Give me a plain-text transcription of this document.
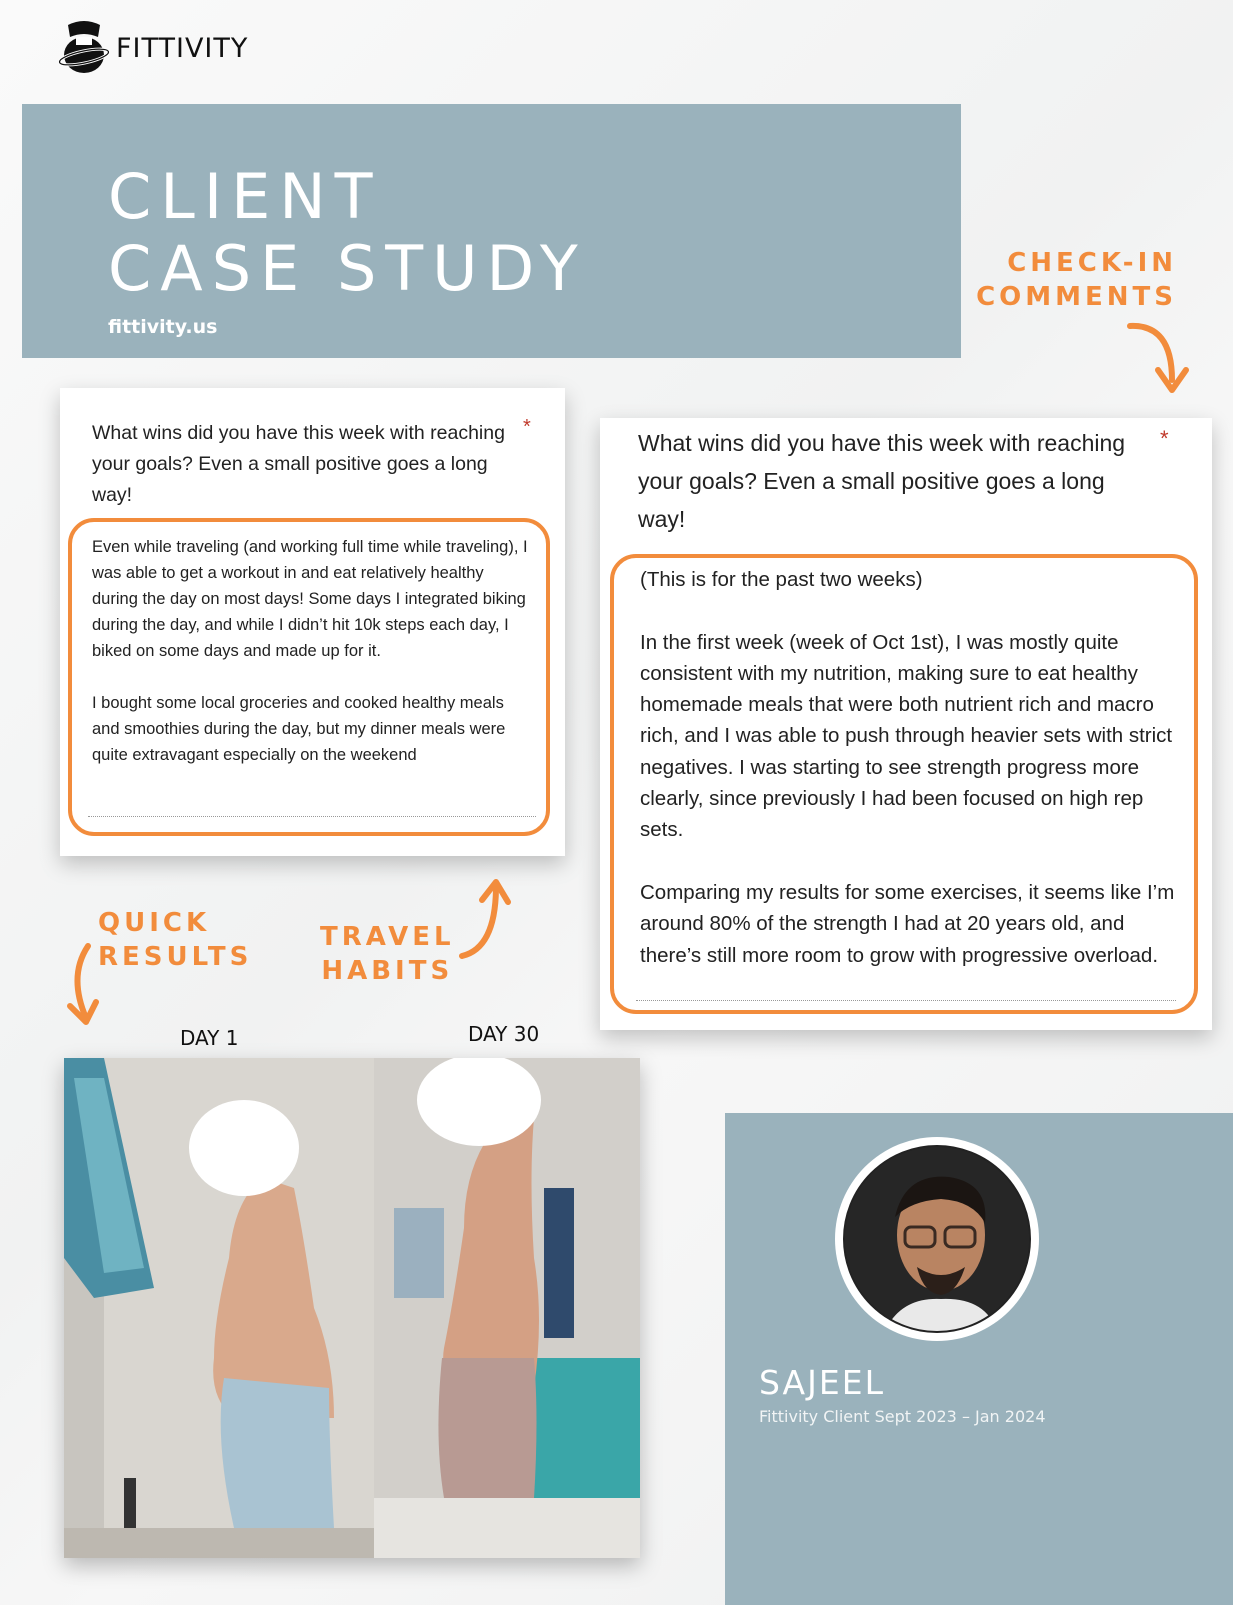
FITTIVITY
CLIENT
CASE STUDY
fittivity.us
CHECK-IN
COMMENTS
What wins did you have this week with reaching your goals? Even a small positive goes a long way!
*

Even while traveling (and working full time while traveling), I was able to get a workout in and eat relatively healthy during the day on most days! Some days I integrated biking during the day, and while I didn’t hit 10k steps each day, I biked on some days and made up for it.

I bought some local groceries and cooked healthy meals and smoothies during the day, but my dinner meals were quite extravagant especially on the weekend

What wins did you have this week with reaching your goals? Even a small positive goes a long way!
*

(This is for the past two weeks)

In the first week (week of Oct 1st), I was mostly quite consistent with my nutrition, making sure to eat healthy homemade meals that were both nutrient rich and macro rich, and I was able to push through heavier sets with strict negatives. I was starting to see strength progress more clearly, since previously I had been focused on high rep sets.

Comparing my results for some exercises, it seems like I’m around 80% of the strength I had at 20 years old, and there’s still more room to grow with progressive overload.

QUICK
RESULTS
TRAVEL
HABITS
DAY 1	DAY 30
SAJEEL
Fittivity Client Sept 2023 – Jan 2024
